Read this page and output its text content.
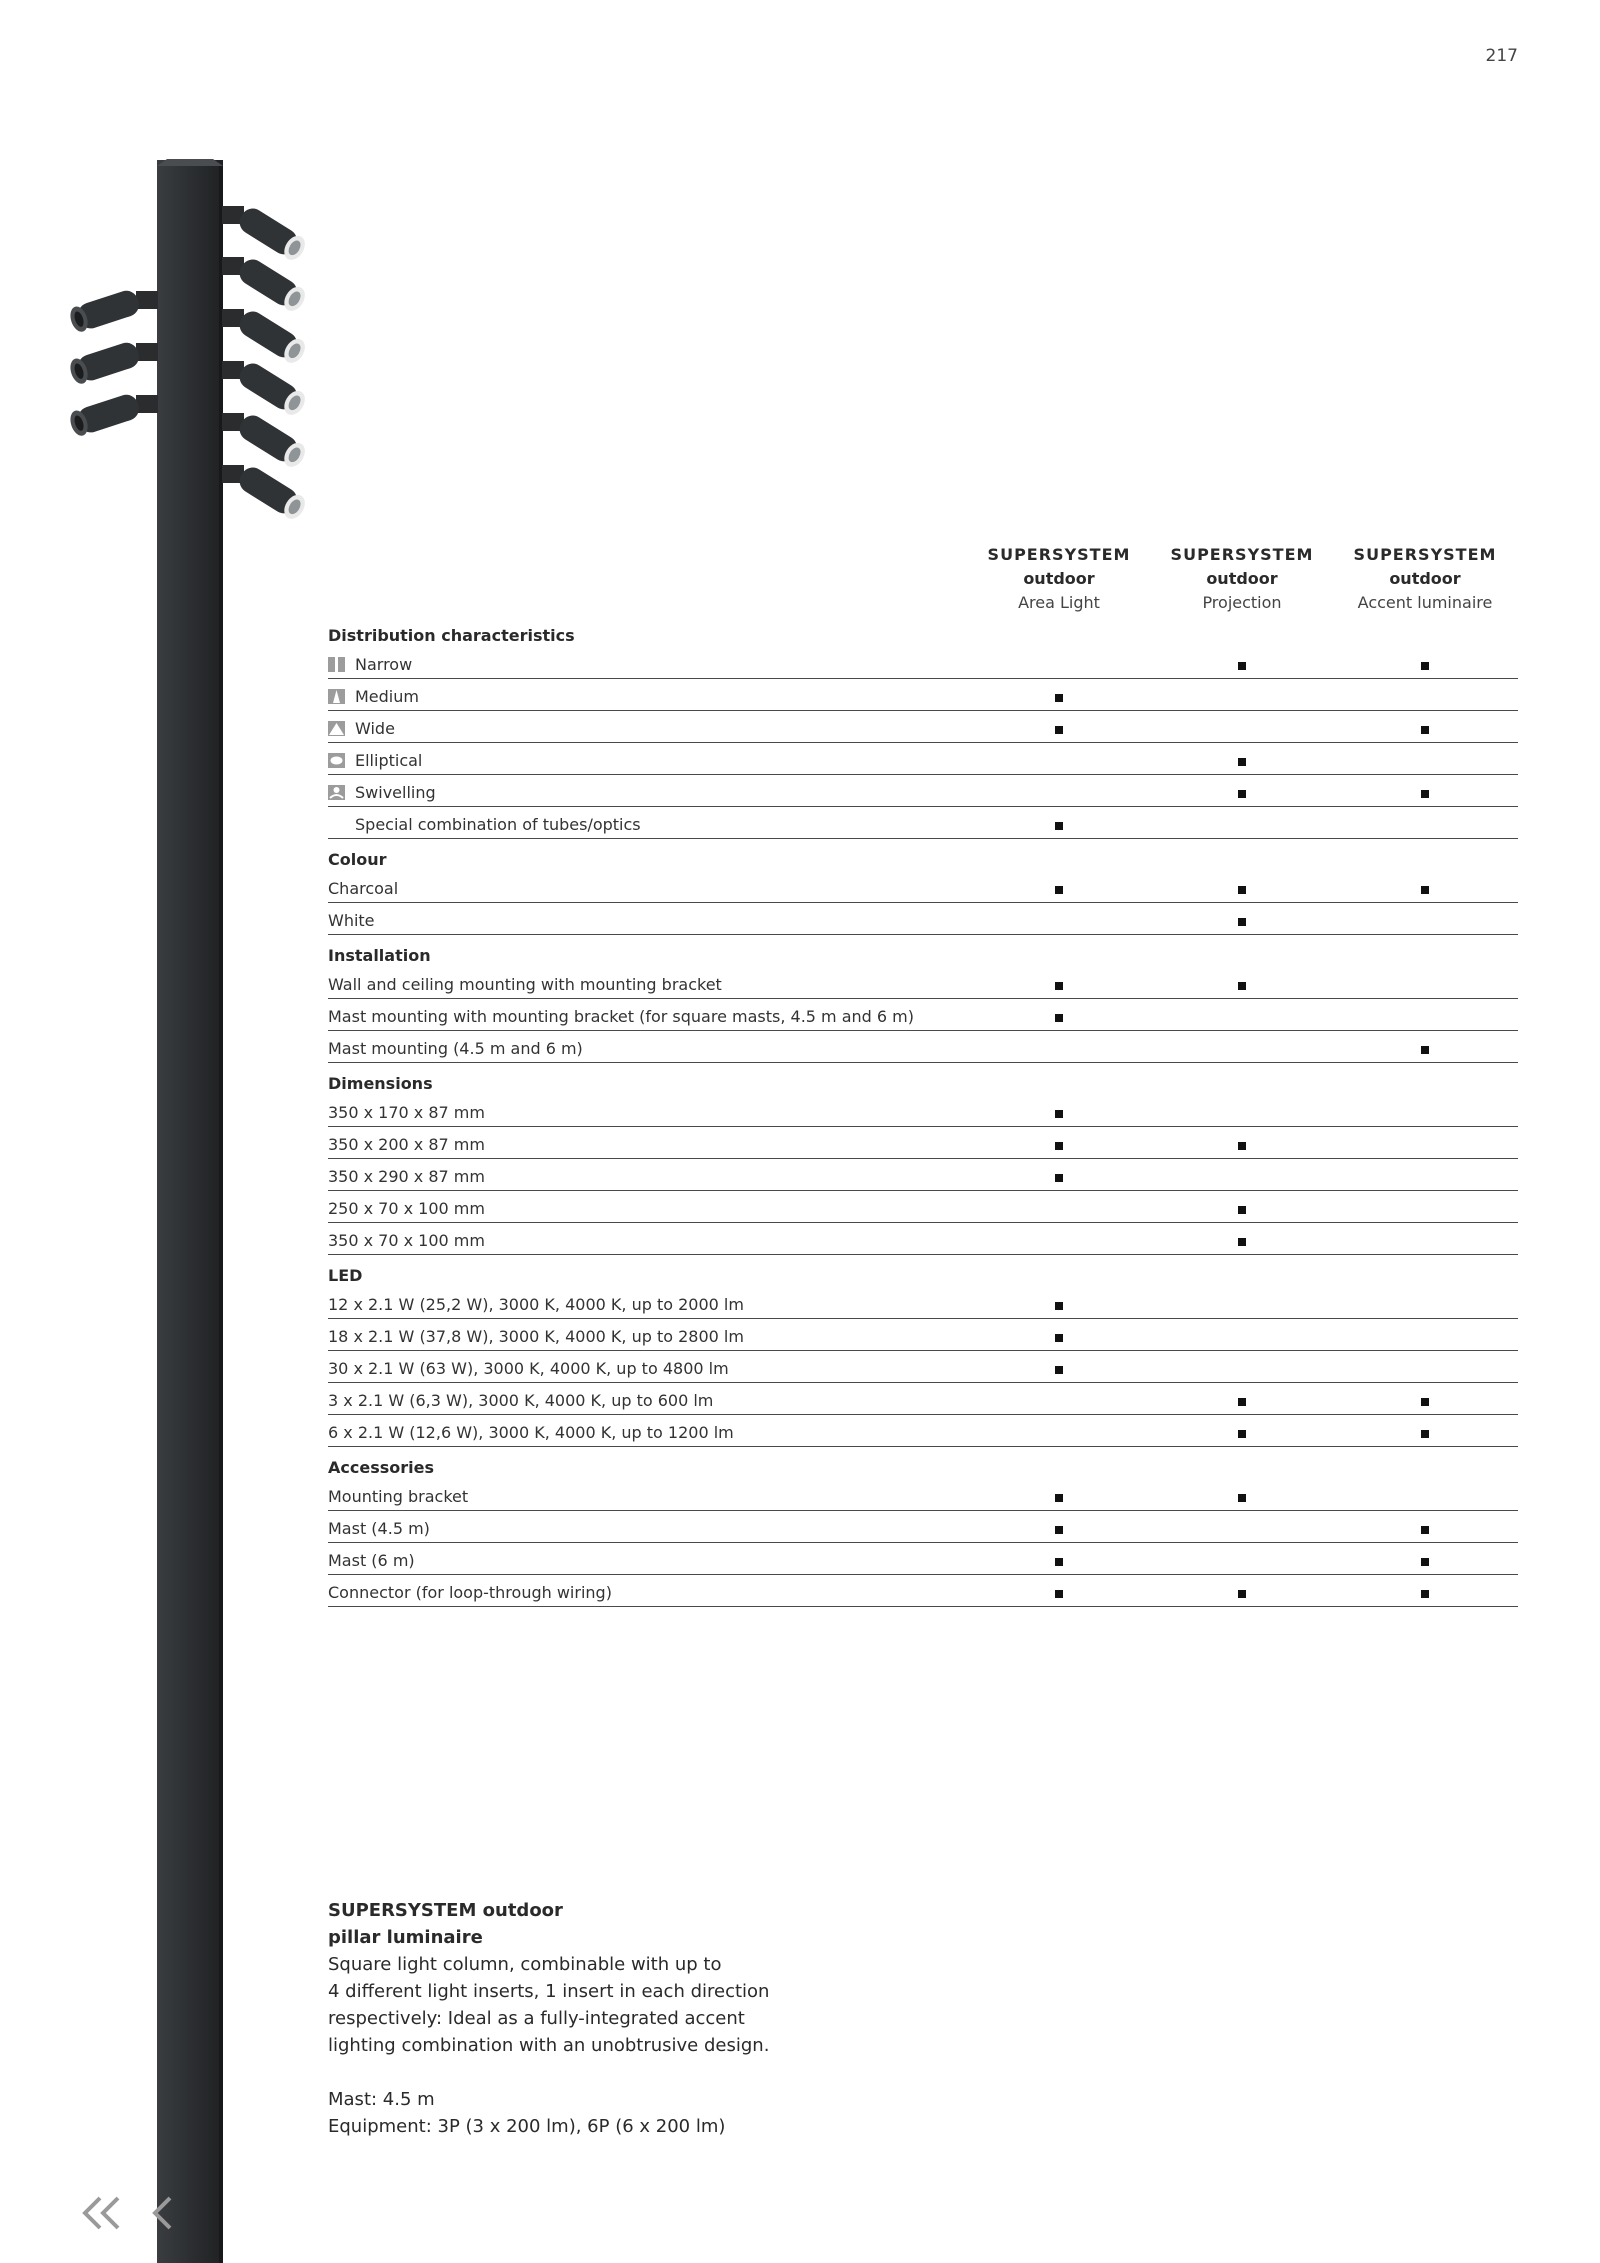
217
SUPERSYSTEM
outdoor
Area Light
SUPERSYSTEM
outdoor
Projection
SUPERSYSTEM
outdoor
Accent luminaire
Distribution characteristics
Narrow
Medium
Wide
Elliptical
Swivelling
Special combination of tubes/optics
Colour
Charcoal
White
Installation
Wall and ceiling mounting with mounting bracket
Mast mounting with mounting bracket (for square masts, 4.5 m and 6 m)
Mast mounting (4.5 m and 6 m)
Dimensions
350 x 170 x 87 mm
350 x 200 x 87 mm
350 x 290 x 87 mm
250 x 70 x 100 mm
350 x 70 x 100 mm
LED
12 x 2.1 W (25,2 W), 3000 K, 4000 K, up to 2000 lm
18 x 2.1 W (37,8 W), 3000 K, 4000 K, up to 2800 lm
30 x 2.1 W (63 W), 3000 K, 4000 K, up to 4800 lm
3 x 2.1 W (6,3 W), 3000 K, 4000 K, up to 600 lm
6 x 2.1 W (12,6 W), 3000 K, 4000 K, up to 1200 lm
Accessories
Mounting bracket
Mast (4.5 m)
Mast (6 m)
Connector (for loop-through wiring)
SUPERSYSTEM outdoor
pillar luminaire
Square light column, combinable with up to
4 different light inserts, 1 insert in each direction
respectively: Ideal as a fully-integrated accent
lighting combination with an unobtrusive design.
Mast: 4.5 m
Equipment: 3P (3 x 200 lm), 6P (6 x 200 lm)
